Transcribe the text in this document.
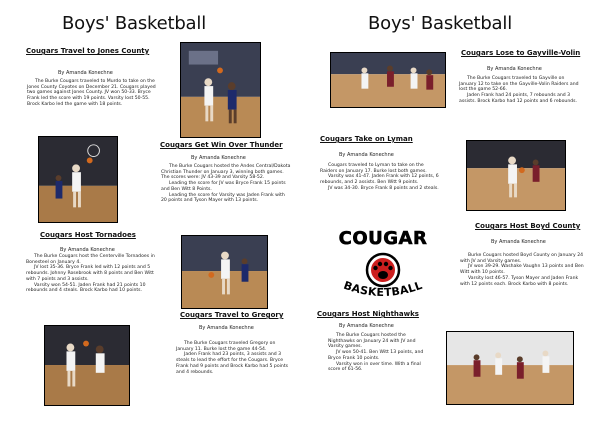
Boys' Basketball
Cougars Travel to Jones County
By Amanda Konechne

The Burke Cougars traveled to Murdo to take on the Jones County Coyotes on December 21. Cougars played two games against Jones County. JV won 50-33. Bryce Frank led the score with 19 points. Varsity lost 50-55. Brock Karbo led the game with 18 points.

Cougars Get Win Over Thunder
By Amanda Konechne

The Burke Cougars hosted the Andes Central/Dakota Christian Thunder on January 3, winning both games. The scores were: JV 43-39 and Varsity 58-52.

Leading the score for JV was Bryce Frank 15 points and Ben Witt 8 Points.

Leading the score for Varsity was Jaden Frank with 20 points and Tyson Mayer with 13 points.

Cougars Host Tornadoes
By Amanda Konechne

The Burke Cougars host the Centerville Tornadoes in Bonesteel on January 4.

JV lost 35-36. Bryce Frank led with 12 points and 5 rebounds. Johnny Rosebrook with 8 points and Ben Witt with 7 points and 3 assists.

Varsity won 54-51. Jaden Frank had 21 points 10 rebounds and 4 steals. Brock Karbo had 10 points.

Cougars Travel to Gregory
By Amanda Konechne

The Burke Cougars traveled Gregory on January 11. Burke lost the game 44-54.

Jaden Frank had 23 points, 3 assists and 3 steals to lead the effort for the Cougars. Bryce Frank had 9 points and Brock Karbo had 5 points and 4 rebounds.

Boys' Basketball
Cougars Lose to Gayville-Volin
By Amanda Konechne

The Burke Cougars traveled to Gayville on January 12 to take on the Gayville-Volin Raiders and lost the game 52-66.

Jaden Frank had 24 points, 7 rebounds and 3 assists. Brock Karbo had 12 points and 6 rebounds.

Cougars Take on Lyman
By Amanda Konechne

Cougars traveled to Lyman to take on the Raiders on January 17. Burke lost both games.

Varsity was 41-47. Jaden Frank with 12 points, 6 rebounds, and 2 assists. Ben Witt 9 points.

JV was 34-30. Bryce Frank 8 points and 2 steals.

COUGAR
BASKETBALL
Cougars Host Boyd County
By Amanda Konechne

Burke Cougars hosted Boyd County on January 24 with JV and Varsity games.

JV won 39-29. Washake Vaughn 13 points and Ben Witt with 10 points.

Varsity lost 46-57. Tyson Mayer and Jaden Frank with 12 points each. Brock Karbo with 8 points.

Cougars Host Nighthawks
By Amanda Konechne

The Burke Cougars hosted the Nighthawks on January 24 with JV and Varsity games.

JV won 50-41. Ben Witt 13 points, and Bryce Frank 10 points.

Varsity won in over time. With a final score of 61-56.
